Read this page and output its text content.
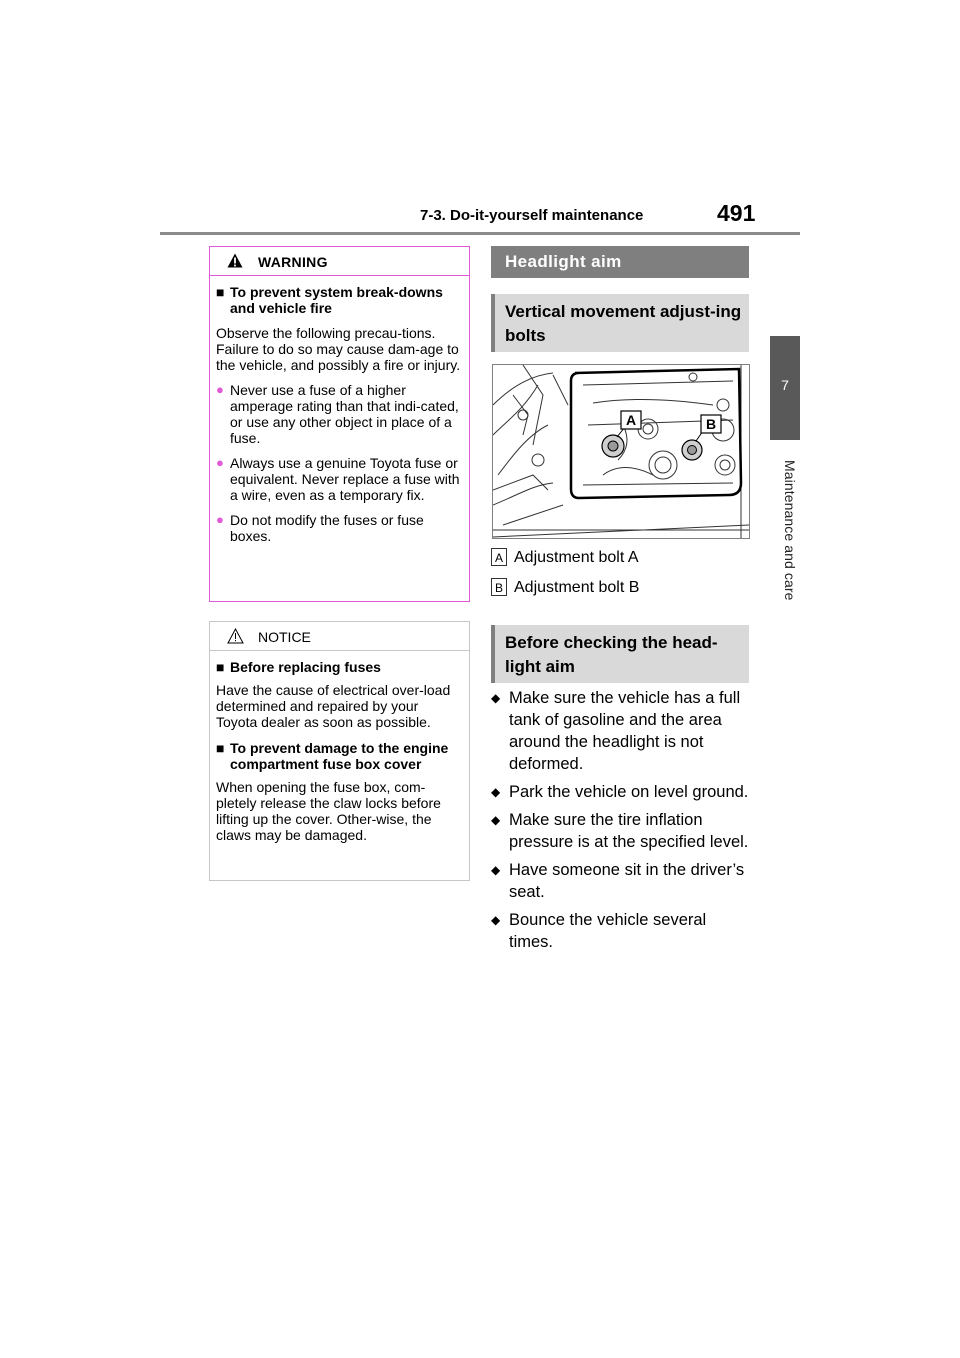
7-3. Do-it-yourself maintenance	491
7
Maintenance and care
WARNING
■ To prevent system break-downs and vehicle fire

Observe the following precau-tions. Failure to do so may cause dam-age to the vehicle, and possibly a fire or injury.

● Never use a fuse of a higher amperage rating than that indi-cated, or use any other object in place of a fuse.
● Always use a genuine Toyota fuse or equivalent. Never replace a fuse with a wire, even as a temporary fix.
● Do not modify the fuses or fuse boxes.
NOTICE
■ Before replacing fuses

Have the cause of electrical over-load determined and repaired by your Toyota dealer as soon as possible.

■ To prevent damage to the engine compartment fuse box cover

When opening the fuse box, com-pletely release the claw locks before lifting up the cover. Other-wise, the claws may be damaged.

Headlight aim
Vertical movement adjust-ing bolts
A	B
A Adjustment bolt A
B Adjustment bolt B
Before checking the head-light aim
◆ Make sure the vehicle has a full tank of gasoline and the area around the headlight is not deformed.
◆ Park the vehicle on level ground.
◆ Make sure the tire inflation pressure is at the specified level.
◆ Have someone sit in the driver’s seat.
◆ Bounce the vehicle several times.
